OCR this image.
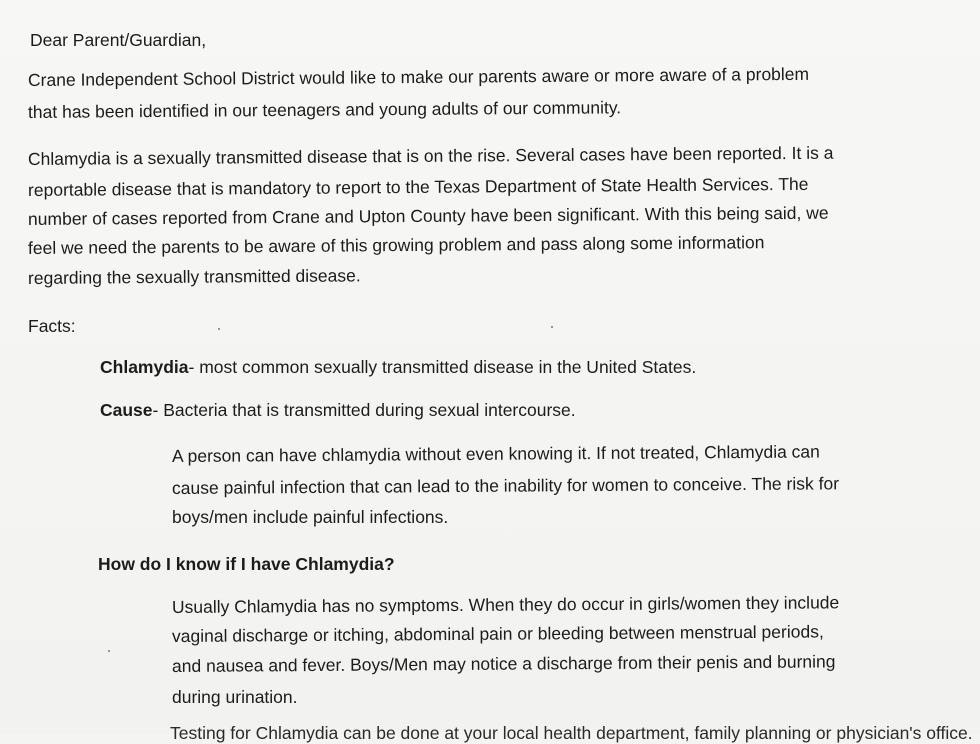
Dear Parent/Guardian,
Crane Independent School District would like to make our parents aware or more aware of a problem
that has been identified in our teenagers and young adults of our community.
Chlamydia is a sexually transmitted disease that is on the rise. Several cases have been reported. It is a
reportable disease that is mandatory to report to the Texas Department of State Health Services. The
number of cases reported from Crane and Upton County have been significant. With this being said, we
feel we need the parents to be aware of this growing problem and pass along some information
regarding the sexually transmitted disease.
Facts:
Chlamydia- most common sexually transmitted disease in the United States.
Cause- Bacteria that is transmitted during sexual intercourse.
A person can have chlamydia without even knowing it. If not treated, Chlamydia can
cause painful infection that can lead to the inability for women to conceive. The risk for
boys/men include painful infections.
How do I know if I have Chlamydia?
Usually Chlamydia has no symptoms. When they do occur in girls/women they include
vaginal discharge or itching, abdominal pain or bleeding between menstrual periods,
and nausea and fever. Boys/Men may notice a discharge from their penis and burning
during urination.
Testing for Chlamydia can be done at your local health department, family planning or physician's office.
